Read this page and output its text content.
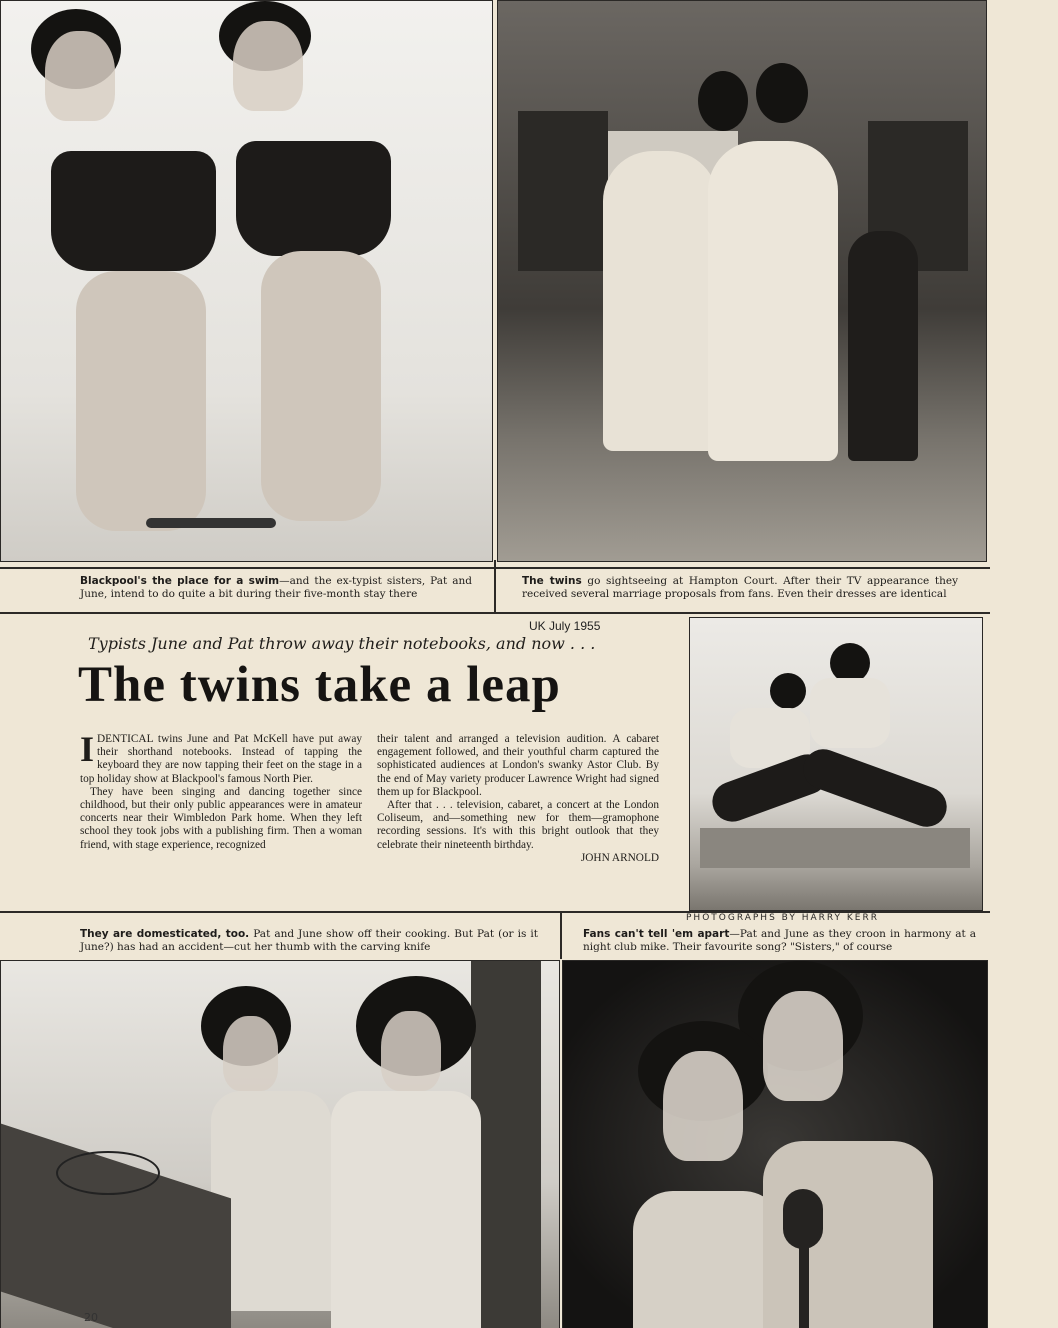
Blackpool's the place for a swim—and the ex-typist sisters, Pat and June, intend to do quite a bit during their five-month stay there
The twins go sightseeing at Hampton Court. After their TV appearance they received several marriage proposals from fans. Even their dresses are identical
UK July 1955
Typists June and Pat throw away their notebooks, and now . . .
The twins take a leap

IDENTICAL twins June and Pat McKell have put away their shorthand notebooks. Instead of tapping the keyboard they are now tapping their feet on the stage in a top holiday show at Blackpool's famous North Pier.

They have been singing and dancing together since childhood, but their only public appearances were in amateur concerts near their Wimbledon Park home. When they left school they took jobs with a publishing firm. Then a woman friend, with stage experience, recognized

their talent and arranged a television audition. A cabaret engagement followed, and their youthful charm captured the sophisticated audiences at London's swanky Astor Club. By the end of May variety producer Lawrence Wright had signed them up for Blackpool.

After that . . . television, cabaret, a concert at the London Coliseum, and—something new for them—gramophone recording sessions. It's with this bright outlook that they celebrate their nineteenth birthday.

JOHN ARNOLD
PHOTOGRAPHS BY HARRY KERR
They are domesticated, too. Pat and June show off their cooking. But Pat (or is it June?) has had an accident—cut her thumb with the carving knife
Fans can't tell 'em apart—Pat and June as they croon in harmony at a night club mike. Their favourite song? "Sisters," of course
20
